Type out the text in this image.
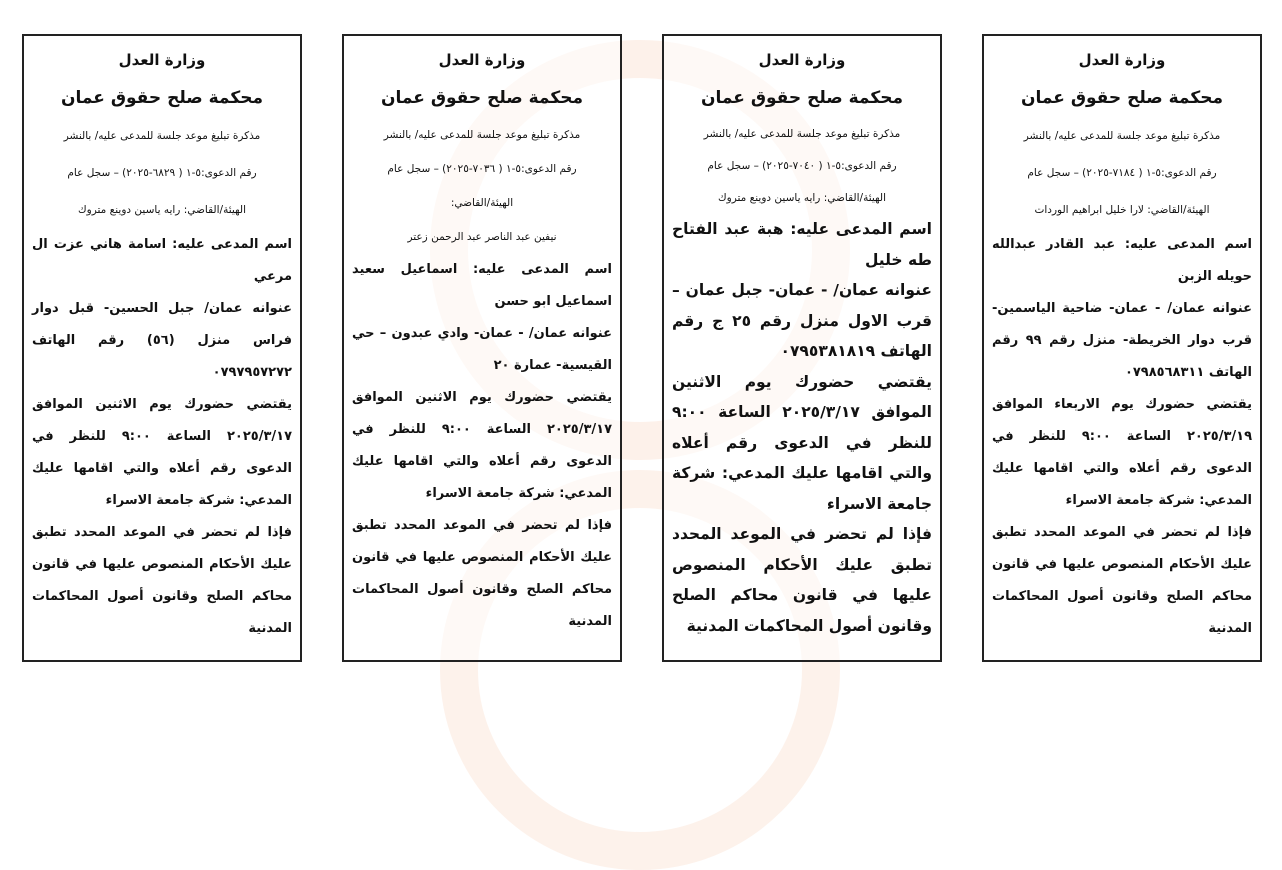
وزارة العدل
محكمة صلح حقوق عمان
مذكرة تبليغ موعد جلسة للمدعى عليه/ بالنشر
رقم الدعوى:٥-١ ( ٧١٨٤-٢٠٢٥) – سجل عام
الهيئة/القاضي: لارا خليل ابراهيم الوردات

اسم المدعى عليه: عبد القادر عبدالله حويله الزبن

عنوانه عمان/ - عمان- ضاحية الياسمين- قرب دوار الخريطة- منزل رقم ٩٩ رقم الهاتف ٠٧٩٨٥٦٨٣١١

يقتضي حضورك يوم الاربعاء الموافق ٢٠٢٥/٣/١٩ الساعة ٩:٠٠ للنظر في الدعوى رقم أعلاه والتي اقامها عليك المدعي: شركة جامعة الاسراء

فإذا لم تحضر في الموعد المحدد تطبق عليك الأحكام المنصوص عليها في قانون محاكم الصلح وقانون أصول المحاكمات المدنية

وزارة العدل
محكمة صلح حقوق عمان
مذكرة تبليغ موعد جلسة للمدعى عليه/ بالنشر
رقم الدعوى:٥-١ ( ٧٠٤٠-٢٠٢٥) – سجل عام
الهيئة/القاضي: رايه ياسين دوينع متروك

اسم المدعى عليه: هبة عبد الفتاح طه خليل

عنوانه عمان/ - عمان- جبل عمان – قرب الاول منزل رقم ٢٥ ج رقم الهاتف ٠٧٩٥٣٨١٨١٩

يقتضي حضورك يوم الاثنين الموافق ٢٠٢٥/٣/١٧ الساعة ٩:٠٠ للنظر في الدعوى رقم أعلاه والتي اقامها عليك المدعي: شركة جامعة الاسراء

فإذا لم تحضر في الموعد المحدد تطبق عليك الأحكام المنصوص عليها في قانون محاكم الصلح وقانون أصول المحاكمات المدنية

وزارة العدل
محكمة صلح حقوق عمان
مذكرة تبليغ موعد جلسة للمدعى عليه/ بالنشر
رقم الدعوى:٥-١ ( ٧٠٣٦-٢٠٢٥) – سجل عام
الهيئة/القاضي:
نيفين عبد الناصر عبد الرحمن زعتر

اسم المدعى عليه: اسماعيل سعيد اسماعيل ابو حسن

عنوانه عمان/ - عمان- وادي عبدون – حي القيسية- عمارة ٢٠

يقتضي حضورك يوم الاثنين الموافق ٢٠٢٥/٣/١٧ الساعة ٩:٠٠ للنظر في الدعوى رقم أعلاه والتي اقامها عليك المدعي: شركة جامعة الاسراء

فإذا لم تحضر في الموعد المحدد تطبق عليك الأحكام المنصوص عليها في قانون محاكم الصلح وقانون أصول المحاكمات المدنية

وزارة العدل
محكمة صلح حقوق عمان
مذكرة تبليغ موعد جلسة للمدعى عليه/ بالنشر
رقم الدعوى:٥-١ ( ٦٨٢٩-٢٠٢٥) – سجل عام
الهيئة/القاضي: رايه ياسين دوينع متروك

اسم المدعى عليه: اسامة هاني عزت ال مرعي

عنوانه عمان/ جبل الحسين- قبل دوار فراس منزل (٥٦) رقم الهاتف ٠٧٩٧٩٥٧٢٧٢

يقتضي حضورك يوم الاثنين الموافق ٢٠٢٥/٣/١٧ الساعة ٩:٠٠ للنظر في الدعوى رقم أعلاه والتي اقامها عليك المدعي: شركة جامعة الاسراء

فإذا لم تحضر في الموعد المحدد تطبق عليك الأحكام المنصوص عليها في قانون محاكم الصلح وقانون أصول المحاكمات المدنية
